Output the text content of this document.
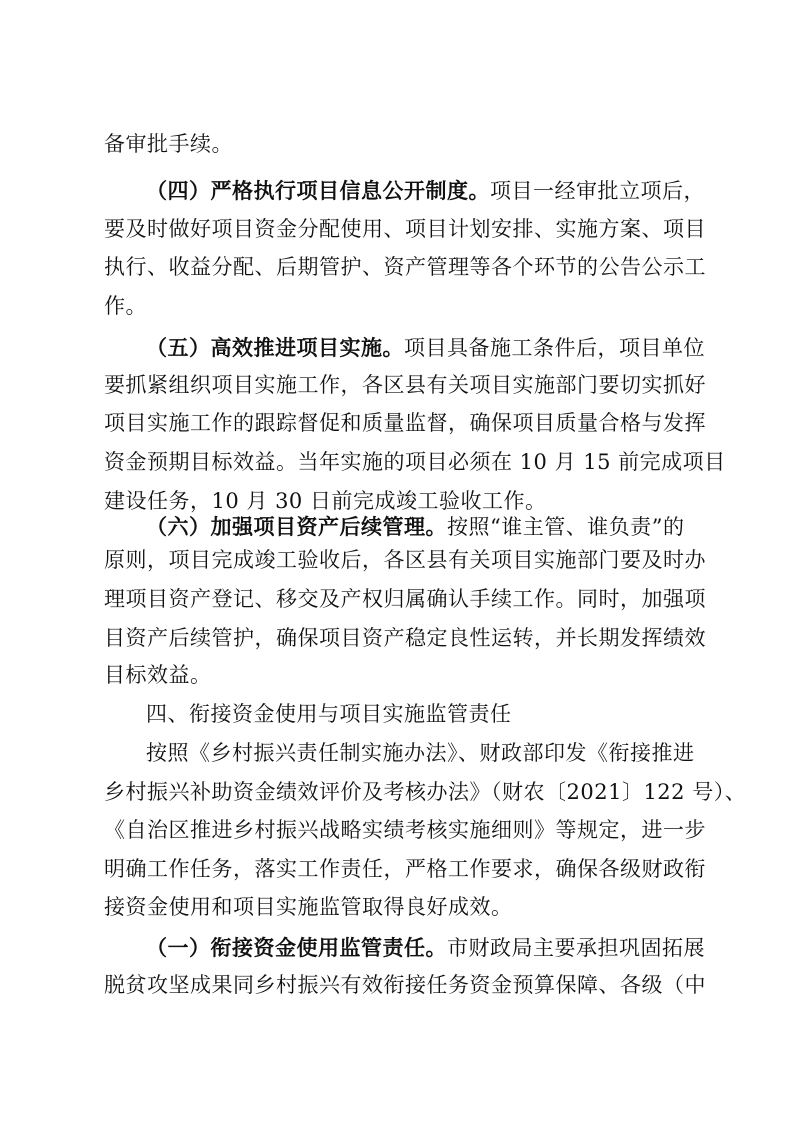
备审批手续。
（四）严格执行项目信息公开制度。项目一经审批立项后，
要及时做好项目资金分配使用、项目计划安排、实施方案、项目
执行、收益分配、后期管护、资产管理等各个环节的公告公示工
作。
（五）高效推进项目实施。项目具备施工条件后，项目单位
要抓紧组织项目实施工作，各区县有关项目实施部门要切实抓好
项目实施工作的跟踪督促和质量监督，确保项目质量合格与发挥
资金预期目标效益。当年实施的项目必须在 10 月 15 前完成项目
建设任务，10 月 30 日前完成竣工验收工作。
（六）加强项目资产后续管理。按照“谁主管、谁负责”的
原则，项目完成竣工验收后，各区县有关项目实施部门要及时办
理项目资产登记、移交及产权归属确认手续工作。同时，加强项
目资产后续管护，确保项目资产稳定良性运转，并长期发挥绩效
目标效益。
四、衔接资金使用与项目实施监管责任
按照《乡村振兴责任制实施办法》、财政部印发《衔接推进
乡村振兴补助资金绩效评价及考核办法》（财农〔2021〕122 号）、
《自治区推进乡村振兴战略实绩考核实施细则》等规定，进一步
明确工作任务，落实工作责任，严格工作要求，确保各级财政衔
接资金使用和项目实施监管取得良好成效。
（一）衔接资金使用监管责任。市财政局主要承担巩固拓展
脱贫攻坚成果同乡村振兴有效衔接任务资金预算保障、各级（中
